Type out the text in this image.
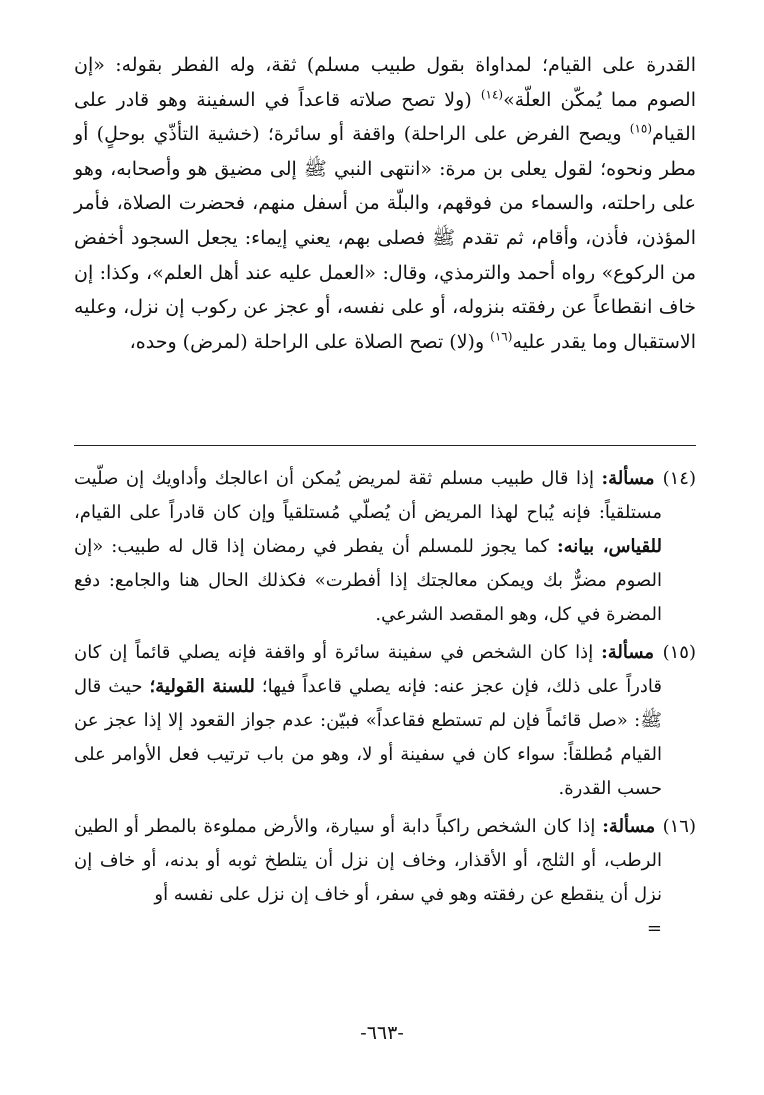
القدرة على القيام؛ لمداواة بقول طبيب مسلم) ثقة، وله الفطر بقوله: «إن الصوم مما يُمكّن العلّة»$^{(١٤)}$ (ولا تصح صلاته قاعداً في السفينة وهو قادر على القيام$^{(١٥)}$ ويصح الفرض على الراحلة) واقفة أو سائرة؛ (خشية التأذّي بوحلٍ) أو مطر ونحوه؛ لقول يعلى بن مرة: «انتهى النبي ﷺ إلى مضيق هو وأصحابه، وهو على راحلته، والسماء من فوقهم، والبلّة من أسفل منهم، فحضرت الصلاة، فأمر المؤذن، فأذن، وأقام، ثم تقدم ﷺ فصلى بهم، يعني إيماء: يجعل السجود أخفض من الركوع» رواه أحمد والترمذي، وقال: «العمل عليه عند أهل العلم»، وكذا: إن خاف انقطاعاً عن رفقته بنزوله، أو على نفسه، أو عجز عن ركوب إن نزل، وعليه الاستقبال وما يقدر عليه$^{(١٦)}$ و(لا) تصح الصلاة على الراحلة (لمرض) وحده،

(١٤) مسألة: إذا قال طبيب مسلم ثقة لمريض يُمكن أن اعالجك وأداويك إن صلّيت مستلقياً: فإنه يُباح لهذا المريض أن يُصلّي مُستلقياً وإن كان قادراً على القيام، للقياس، بيانه: كما يجوز للمسلم أن يفطر في رمضان إذا قال له طبيب: «إن الصوم مضرٌّ بك ويمكن معالجتك إذا أفطرت» فكذلك الحال هنا والجامع: دفع المضرة في كل، وهو المقصد الشرعي.

(١٥) مسألة: إذا كان الشخص في سفينة سائرة أو واقفة فإنه يصلي قائماً إن كان قادراً على ذلك، فإن عجز عنه: فإنه يصلي قاعداً فيها؛ للسنة القولية؛ حيث قال ﷺ: «صل قائماً فإن لم تستطع فقاعداً» فبيّن: عدم جواز القعود إلا إذا عجز عن القيام مُطلقاً: سواء كان في سفينة أو لا، وهو من باب ترتيب فعل الأوامر على حسب القدرة.

(١٦) مسألة: إذا كان الشخص راكباً دابة أو سيارة، والأرض مملوءة بالمطر أو الطين الرطب، أو الثلج، أو الأقذار، وخاف إن نزل أن يتلطخ ثوبه أو بدنه، أو خاف إن نزل أن ينقطع عن رفقته وهو في سفر، أو خاف إن نزل على نفسه أو
=

-٦٦٣-
